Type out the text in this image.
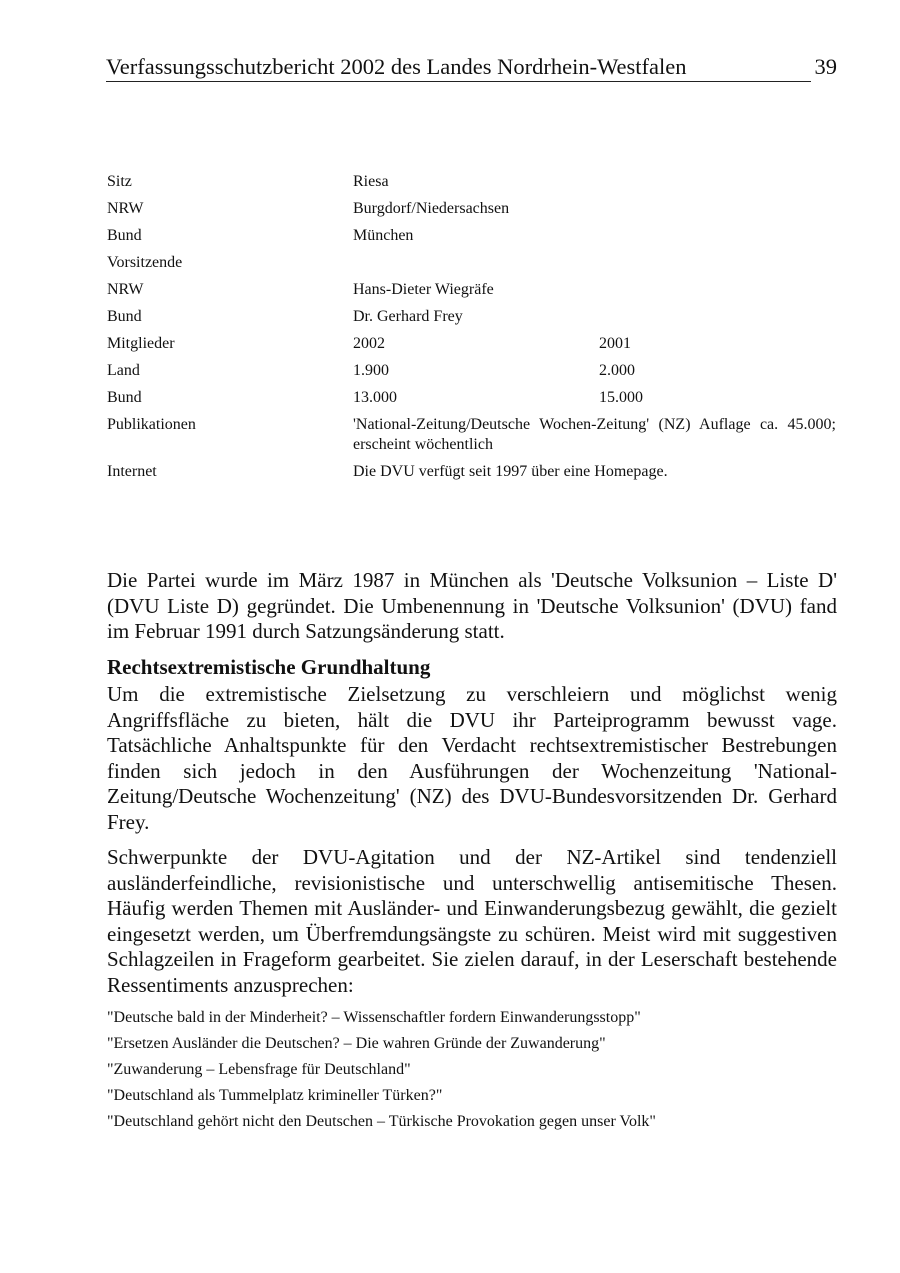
Verfassungsschutzbericht 2002 des Landes Nordrhein-Westfalen	39
Sitz	Riesa
NRW	Burgdorf/Niedersachsen
Bund	München
Vorsitzende
NRW	Hans-Dieter Wiegräfe
Bund	Dr. Gerhard Frey
Mitglieder	2002	2001
Land	1.900	2.000
Bund	13.000	15.000
Publikationen	'National-Zeitung/Deutsche Wochen-Zeitung' (NZ) Auflage ca. 45.000; erscheint wöchentlich
Internet	Die DVU verfügt seit 1997 über eine Homepage.

Die Partei wurde im März 1987 in München als 'Deutsche Volksunion – Liste D' (DVU Liste D) gegründet. Die Umbenennung in 'Deutsche Volksunion' (DVU) fand im Februar 1991 durch Satzungsänderung statt.

Rechtsextremistische Grundhaltung

Um die extremistische Zielsetzung zu verschleiern und möglichst wenig Angriffsfläche zu bieten, hält die DVU ihr Parteiprogramm bewusst vage. Tatsächliche Anhaltspunkte für den Verdacht rechtsextremistischer Bestrebungen finden sich jedoch in den Ausführungen der Wochenzeitung 'National-Zeitung/Deutsche Wochenzeitung' (NZ) des DVU-Bundesvorsitzenden Dr. Gerhard Frey.

Schwerpunkte der DVU-Agitation und der NZ-Artikel sind tendenziell ausländerfeindliche, revisionistische und unterschwellig antisemitische Thesen. Häufig werden Themen mit Ausländer- und Einwanderungsbezug gewählt, die gezielt eingesetzt werden, um Überfremdungsängste zu schüren. Meist wird mit suggestiven Schlagzeilen in Frageform gearbeitet. Sie zielen darauf, in der Leserschaft bestehende Ressentiments anzusprechen:

"Deutsche bald in der Minderheit? – Wissenschaftler fordern Einwanderungsstopp"
"Ersetzen Ausländer die Deutschen? – Die wahren Gründe der Zuwanderung"
"Zuwanderung – Lebensfrage für Deutschland"
"Deutschland als Tummelplatz krimineller Türken?"
"Deutschland gehört nicht den Deutschen – Türkische Provokation gegen unser Volk"
